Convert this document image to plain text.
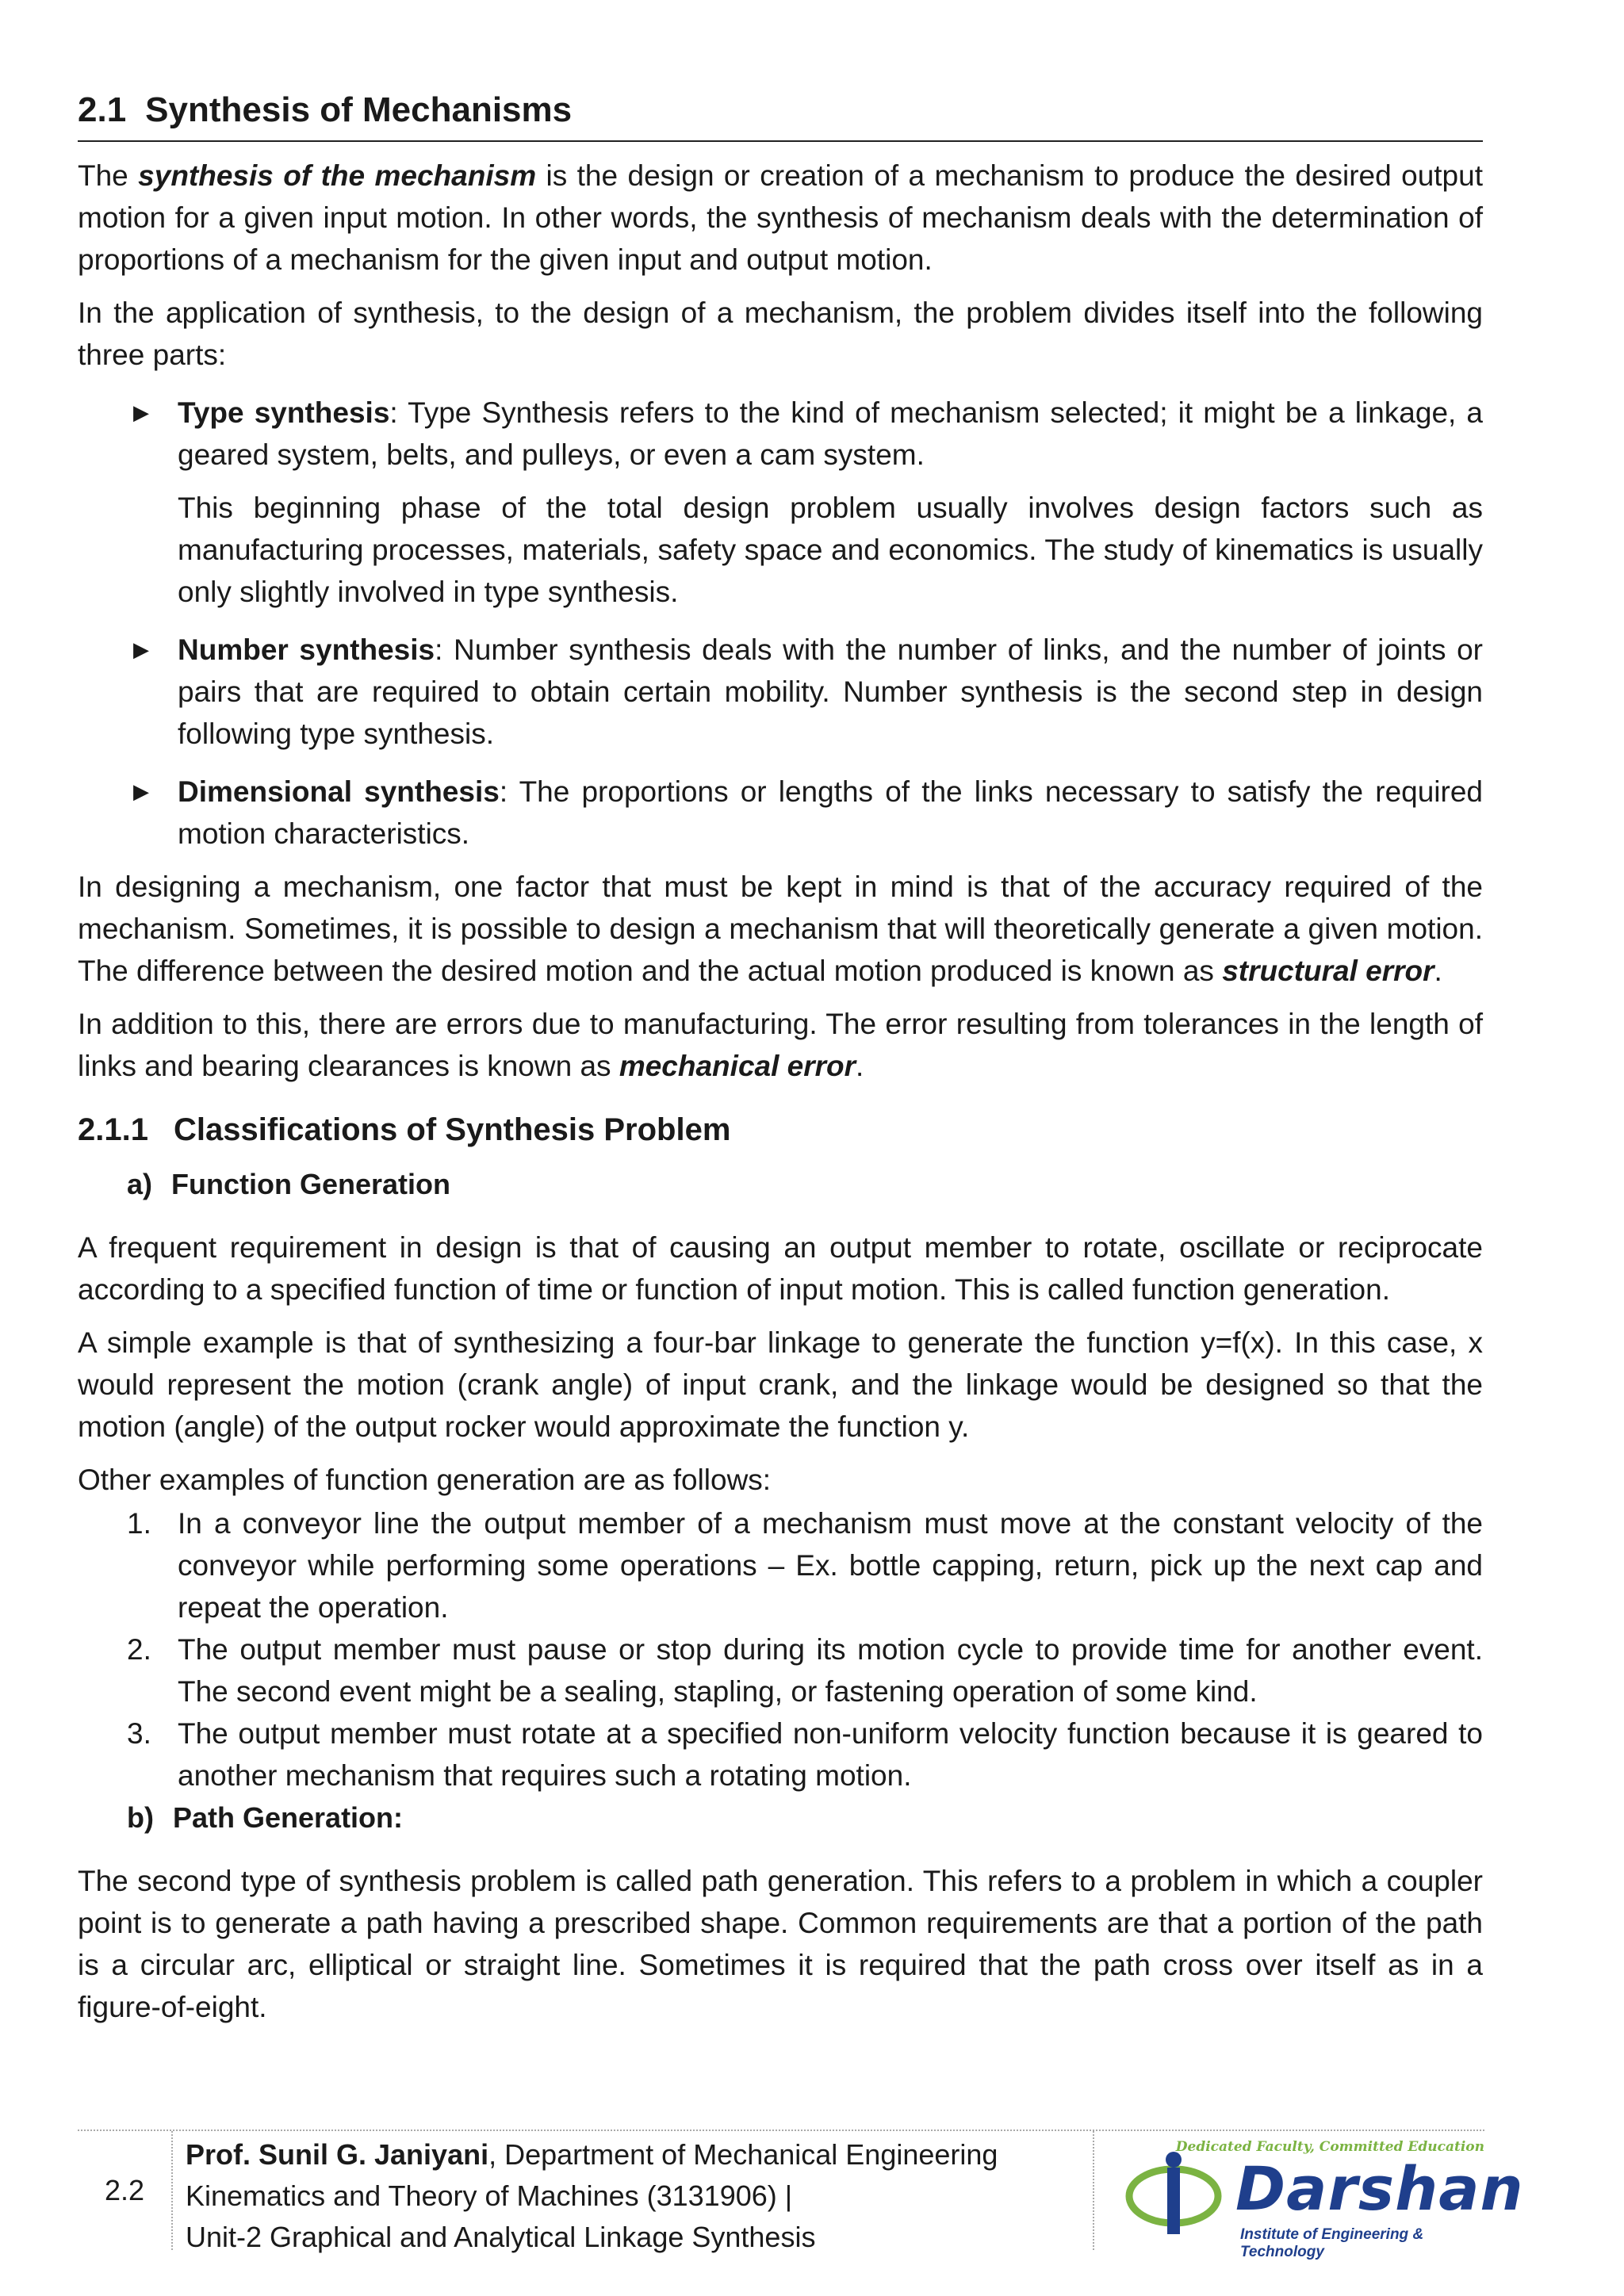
2.1 Synthesis of Mechanisms

The synthesis of the mechanism is the design or creation of a mechanism to produce the desired output motion for a given input motion. In other words, the synthesis of mechanism deals with the determination of proportions of a mechanism for the given input and output motion.

In the application of synthesis, to the design of a mechanism, the problem divides itself into the following three parts:

▶ Type synthesis: Type Synthesis refers to the kind of mechanism selected; it might be a linkage, a geared system, belts, and pulleys, or even a cam system.
This beginning phase of the total design problem usually involves design factors such as manufacturing processes, materials, safety space and economics. The study of kinematics is usually only slightly involved in type synthesis.
▶ Number synthesis: Number synthesis deals with the number of links, and the number of joints or pairs that are required to obtain certain mobility. Number synthesis is the second step in design following type synthesis.
▶ Dimensional synthesis: The proportions or lengths of the links necessary to satisfy the required motion characteristics.

In designing a mechanism, one factor that must be kept in mind is that of the accuracy required of the mechanism. Sometimes, it is possible to design a mechanism that will theoretically generate a given motion. The difference between the desired motion and the actual motion produced is known as structural error.

In addition to this, there are errors due to manufacturing. The error resulting from tolerances in the length of links and bearing clearances is known as mechanical error.

2.1.1 Classifications of Synthesis Problem
a) Function Generation

A frequent requirement in design is that of causing an output member to rotate, oscillate or reciprocate according to a specified function of time or function of input motion. This is called function generation.

A simple example is that of synthesizing a four-bar linkage to generate the function y=f(x). In this case, x would represent the motion (crank angle) of input crank, and the linkage would be designed so that the motion (angle) of the output rocker would approximate the function y.

Other examples of function generation are as follows:

1. In a conveyor line the output member of a mechanism must move at the constant velocity of the conveyor while performing some operations – Ex. bottle capping, return, pick up the next cap and repeat the operation.
2. The output member must pause or stop during its motion cycle to provide time for another event. The second event might be a sealing, stapling, or fastening operation of some kind.
3. The output member must rotate at a specified non-uniform velocity function because it is geared to another mechanism that requires such a rotating motion.
b) Path Generation:

The second type of synthesis problem is called path generation. This refers to a problem in which a coupler point is to generate a path having a prescribed shape. Common requirements are that a portion of the path is a circular arc, elliptical or straight line. Sometimes it is required that the path cross over itself as in a figure-of-eight.

2.2
Prof. Sunil G. Janiyani, Department of Mechanical Engineering
Kinematics and Theory of Machines (3131906) |
Unit-2 Graphical and Analytical Linkage Synthesis
Dedicated Faculty, Committed Education
Darshan
Institute of Engineering & Technology
